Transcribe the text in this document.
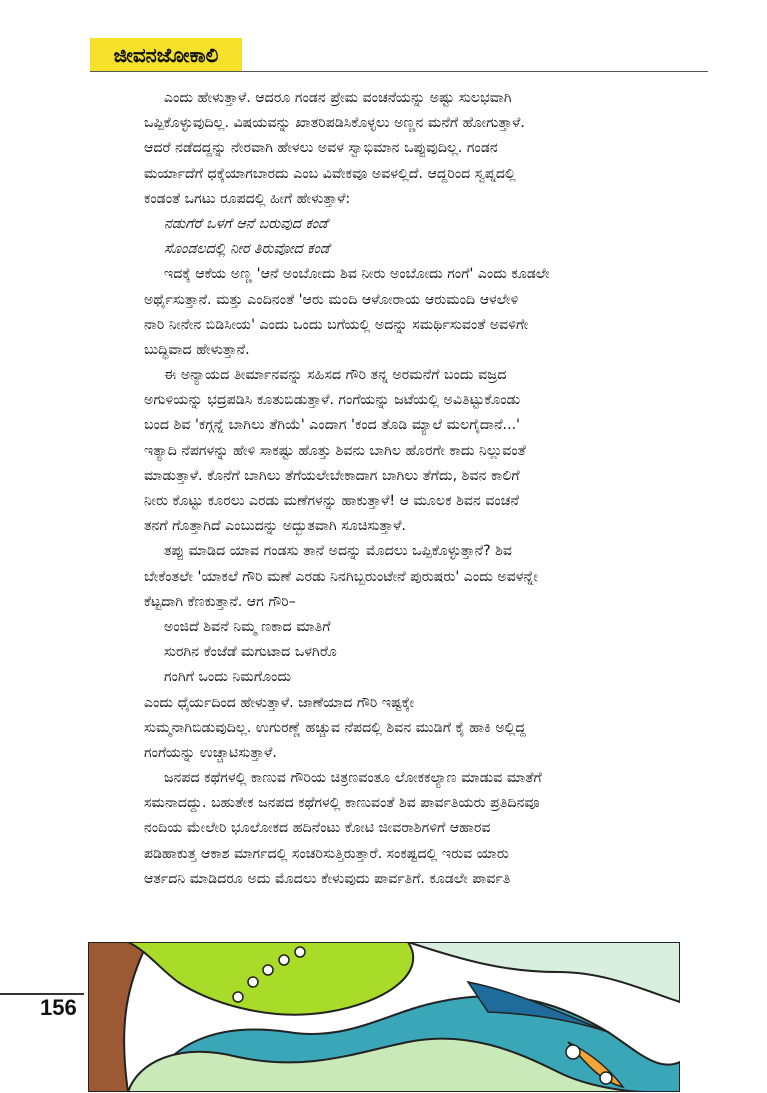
ಜೀವನಜೋಕಾಲಿ
ಎಂದು ಹೇಳುತ್ತಾಳೆ. ಆದರೂ ಗಂಡನ ಪ್ರೇಮ ವಂಚನೆಯನ್ನು ಅಷ್ಟು ಸುಲಭವಾಗಿ
ಒಪ್ಪಿಕೊಳ್ಳುವುದಿಲ್ಲ. ವಿಷಯವನ್ನು ಖಾತರಿಪಡಿಸಿಕೊಳ್ಳಲು ಅಣ್ಣನ ಮನೆಗೆ ಹೋಗುತ್ತಾಳೆ.
ಆದರೆ ನಡೆದದ್ದನ್ನು ನೇರವಾಗಿ ಹೇಳಲು ಅವಳ ಸ್ವಾಭಿಮಾನ ಒಪ್ಪುವುದಿಲ್ಲ. ಗಂಡನ
ಮರ್ಯಾದೆಗೆ ಧಕ್ಕೆಯಾಗಬಾರದು ಎಂಬ ವಿವೇಕವೂ ಅವಳಲ್ಲಿದೆ. ಆದ್ದರಿಂದ ಸ್ವಪ್ನದಲ್ಲಿ
ಕಂಡಂತೆ ಒಗಟು ರೂಪದಲ್ಲಿ ಹೀಗೆ ಹೇಳುತ್ತಾಳೆ:
ನಡುಗೆರೆ ಒಳಗೆ ಆನೆ ಬರುವುದ ಕಂಡೆ
ಸೊಂಡಲದಲ್ಲಿ ನೀರ ತಿರುವೋದ ಕಂಡೆ
ಇದಕ್ಕೆ ಆಕೆಯ ಅಣ್ಣ 'ಆನೆ ಅಂಬೋದು ಶಿವ ನೀರು ಅಂಬೋದು ಗಂಗೆ' ಎಂದು ಕೂಡಲೇ
ಅರ್ಥೈಸುತ್ತಾನೆ. ಮತ್ತು ಎಂದಿನಂತೆ 'ಆರು ಮಂದಿ ಆಳೋರಾಯ ಆರುಮಂದಿ ಆಳಲೇಳಿ
ನಾರಿ ನೀನೇನ ಬಿಡಿಸೀಯ' ಎಂದು ಒಂದು ಬಗೆಯಲ್ಲಿ ಅದನ್ನು ಸಮರ್ಥಿಸುವಂತೆ ಅವಳಿಗೇ
ಬುದ್ಧಿವಾದ ಹೇಳುತ್ತಾನೆ.
ಈ ಅನ್ಯಾಯದ ತೀರ್ಮಾನವನ್ನು ಸಹಿಸದ ಗೌರಿ ತನ್ನ ಅರಮನೆಗೆ ಬಂದು ವಜ್ರದ
ಅಗುಳಿಯನ್ನು ಭದ್ರಪಡಿಸಿ ಕೂತುಬಿಡುತ್ತಾಳೆ. ಗಂಗೆಯನ್ನು ಜಟೆಯಲ್ಲಿ ಅವಿತಿಟ್ಟುಕೊಂಡು
ಬಂದ ಶಿವ 'ಕಗ್ಗನ್ನೆ ಬಾಗಿಲು ತೆಗಿಯೆ' ಎಂದಾಗ 'ಕಂದ ತೊಡಿ ಮ್ಯಾಲೆ ಮಲಗೈದಾನೆ...'
ಇತ್ಯಾದಿ ನೆಪಗಳನ್ನು ಹೇಳಿ ಸಾಕಷ್ಟು ಹೊತ್ತು ಶಿವನು ಬಾಗಿಲ ಹೊರಗೇ ಕಾದು ನಿಲ್ಲುವಂತೆ
ಮಾಡುತ್ತಾಳೆ. ಕೊನೆಗೆ ಬಾಗಿಲು ತೆಗೆಯಲೇಬೇಕಾದಾಗ ಬಾಗಿಲು ತೆಗೆದು, ಶಿವನ ಕಾಲಿಗೆ
ನೀರು ಕೊಟ್ಟು ಕೂರಲು ಎರಡು ಮಣೆಗಳನ್ನು ಹಾಕುತ್ತಾಳೆ! ಆ ಮೂಲಕ ಶಿವನ ವಂಚನೆ
ತನಗೆ ಗೊತ್ತಾಗಿದೆ ಎಂಬುದನ್ನು ಅದ್ಭುತವಾಗಿ ಸೂಚಿಸುತ್ತಾಳೆ.
ತಪ್ಪು ಮಾಡಿದ ಯಾವ ಗಂಡಸು ತಾನೆ ಅದನ್ನು ಮೊದಲು ಒಪ್ಪಿಕೊಳ್ಳುತ್ತಾನೆ? ಶಿವ
ಬೇಕೆಂತಲೇ 'ಯಾಕಲೆ ಗೌರಿ ಮಣೆ ಎರಡು ನಿನಗಿಬ್ಬರುಂಟೇನೆ ಪುರುಷರು' ಎಂದು ಅವಳನ್ನೇ
ಕೆಟ್ಟದಾಗಿ ಕೆಣಕುತ್ತಾನೆ. ಆಗ ಗೌರಿ–
ಅಂಜಿದೆ ಶಿವನೆ ನಿಮ್ಮ ಣಕಾದ ಮಾತಿಗೆ
ಸುರಗಿನ ಕೆಂಜೆಡೆ ಮಗುಟಾದ ಒಳಗಿರೊ
ಗಂಗಿಗೆ ಒಂದು ನಿಮಗೊಂದು
ಎಂದು ಧೈರ್ಯದಿಂದ ಹೇಳುತ್ತಾಳೆ. ಜಾಣೆಯಾದ ಗೌರಿ ಇಷ್ಟಕ್ಕೇ
ಸುಮ್ಮನಾಗಿಬಿಡುವುದಿಲ್ಲ. ಉಗುರಣ್ಣೆ ಹಚ್ಚುವ ನೆಪದಲ್ಲಿ ಶಿವನ ಮುಡಿಗೆ ಕೈ ಹಾಕಿ ಅಲ್ಲಿದ್ದ
ಗಂಗೆಯನ್ನು ಉಚ್ಚಾಟಿಸುತ್ತಾಳೆ.
ಜನಪದ ಕಥೆಗಳಲ್ಲಿ ಕಾಣುವ ಗೌರಿಯ ಚಿತ್ರಣವಂತೂ ಲೋಕಕಲ್ಯಾಣ ಮಾಡುವ ಮಾತೆಗೆ
ಸಮನಾದದ್ದು. ಬಹುತೇಕ ಜನಪದ ಕಥೆಗಳಲ್ಲಿ ಕಾಣುವಂತೆ ಶಿವ ಪಾರ್ವತಿಯರು ಪ್ರತಿದಿನವೂ
ನಂದಿಯ ಮೇಲೇರಿ ಭೂಲೋಕದ ಹದಿನೆಂಟು ಕೋಟಿ ಜೀವರಾಶಿಗಳಿಗೆ ಆಹಾರವ
ಪಡಿಹಾಕುತ್ತ ಆಕಾಶ ಮಾರ್ಗದಲ್ಲಿ ಸಂಚರಿಸುತ್ತಿರುತ್ತಾರೆ. ಸಂಕಷ್ಟದಲ್ಲಿ ಇರುವ ಯಾರು
ಆರ್ತದನಿ ಮಾಡಿದರೂ ಅದು ಮೊದಲು ಕೇಳುವುದು ಪಾರ್ವತಿಗೆ. ಕೂಡಲೇ ಪಾರ್ವತಿ
156
